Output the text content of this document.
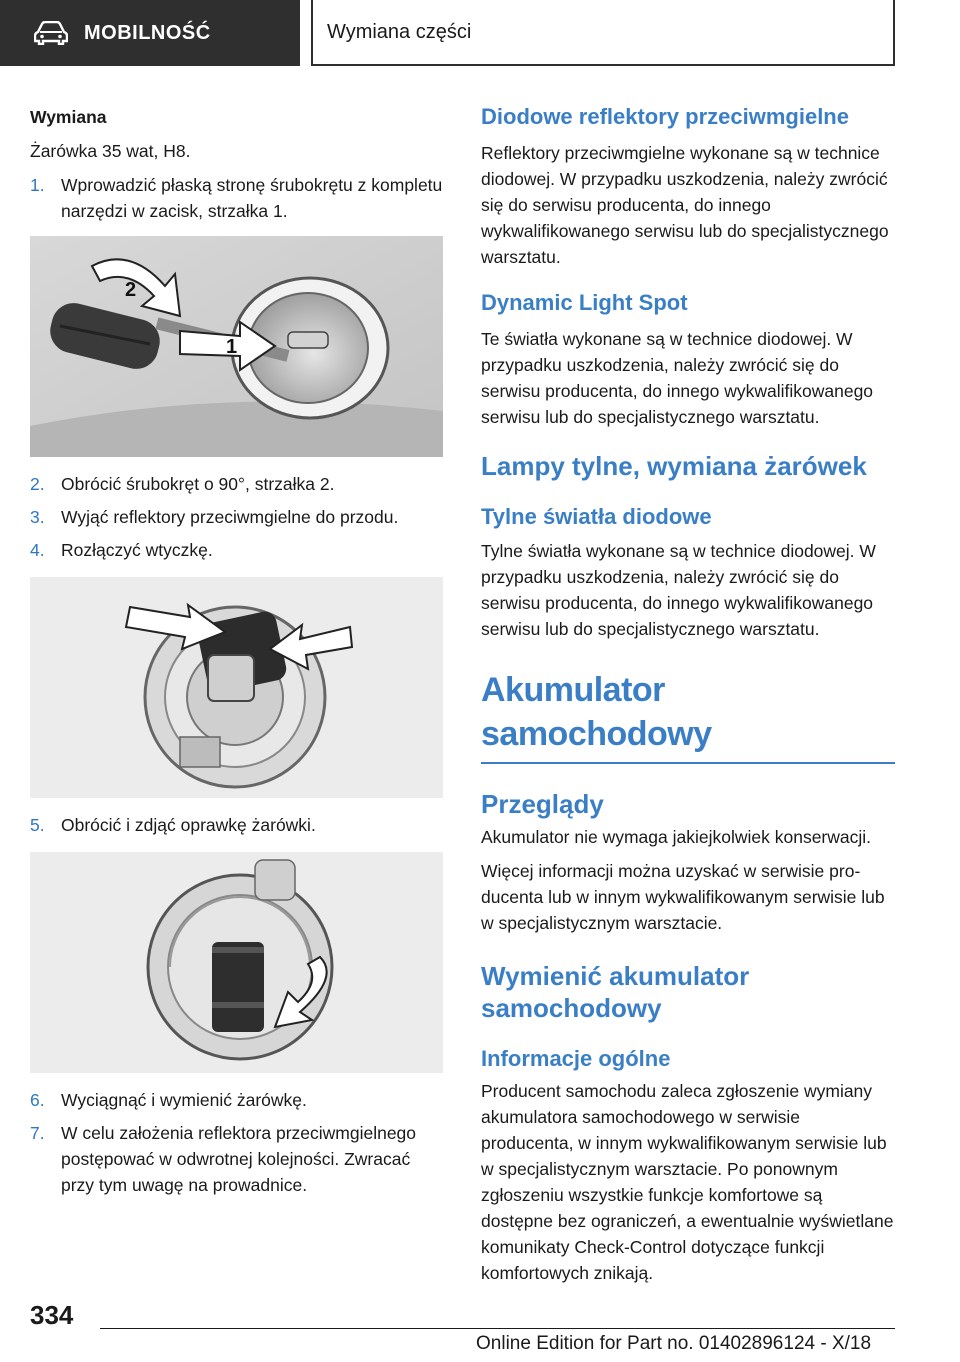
MOBILNOŚĆ	Wymiana części
Wymiana
Żarówka 35 wat, H8.
1. Wprowadzić płaską stronę śrubokrętu z kompletu narzędzi w zacisk, strzałka 1.
1
2
2. Obrócić śrubokręt o 90°, strzałka 2.
3. Wyjąć reflektory przeciwmgielne do przodu.
4. Rozłączyć wtyczkę.
5. Obrócić i zdjąć oprawkę żarówki.
6. Wyciągnąć i wymienić żarówkę.
7. W celu założenia reflektora przeciwmgielnego postępować w odwrotnej kolejności. Zwracać przy tym uwagę na prowadnice.
Diodowe reflektory przeciwmgielne
Reflektory przeciwmgielne wykonane są w technice diodowej. W przypadku uszkodzenia, należy zwrócić się do serwisu producenta, do innego wykwalifikowanego serwisu lub do specjalistycznego warsztatu.
Dynamic Light Spot
Te światła wykonane są w technice diodowej. W przypadku uszkodzenia, należy zwrócić się do serwisu producenta, do innego wykwalifikowanego serwisu lub do specjalistycznego warsztatu.
Lampy tylne, wymiana żarówek
Tylne światła diodowe
Tylne światła wykonane są w technice diodowej. W przypadku uszkodzenia, należy zwrócić się do serwisu producenta, do innego wykwalifikowanego serwisu lub do specjalistycznego warsztatu.
Akumulator samochodowy
Przeglądy
Akumulator nie wymaga jakiejkolwiek konserwacji.
Więcej informacji można uzyskać w serwisie producenta lub w innym wykwalifikowanym serwisie lub w specjalistycznym warsztacie.
Wymienić akumulator samochodowy
Informacje ogólne
Producent samochodu zaleca zgłoszenie wymiany akumulatora samochodowego w serwisie producenta, w innym wykwalifikowanym serwisie lub w specjalistycznym warsztacie. Po ponownym zgłoszeniu wszystkie funkcje komfortowe są dostępne bez ograniczeń, a ewentualnie wyświetlane komunikaty Check-Control dotyczące funkcji komfortowych znikają.
334
Online Edition for Part no. 01402896124 - X/18
